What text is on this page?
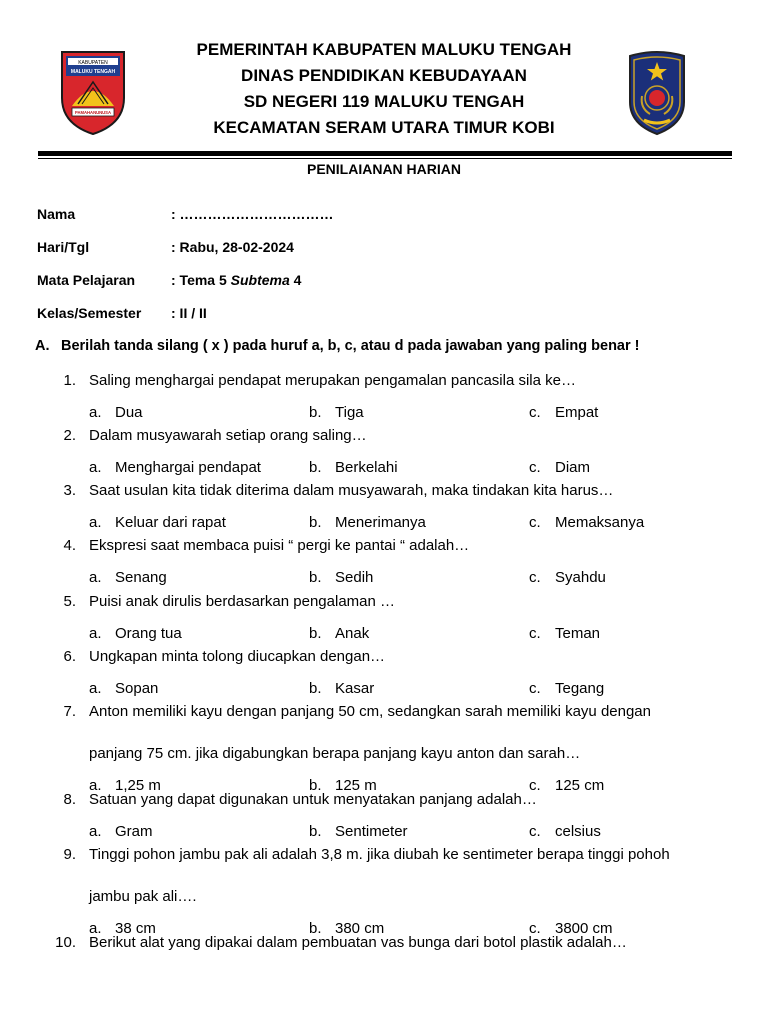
KABUPATEN
MALUKU TENGAH
PAMAHANUNUSA
PEMERINTAH KABUPATEN MALUKU TENGAH
DINAS PENDIDIKAN KEBUDAYAAN
SD NEGERI 119 MALUKU TENGAH
KECAMATAN SERAM UTARA TIMUR KOBI
PENILAIANAN HARIAN
Nama	: ……………………………
Hari/Tgl	: Rabu, 28-02-2024
Mata Pelajaran	: Tema 5 Subtema 4
Kelas/Semester : II / II
A. Berilah tanda silang ( x ) pada huruf a, b, c, atau d pada jawaban yang paling benar !
1. Saling menghargai pendapat merupakan pengamalan pancasila sila ke…
a. Dua	b. Tiga	c. Empat
2. Dalam musyawarah setiap orang saling…
a. Menghargai pendapat	b. Berkelahi	c. Diam
3. Saat usulan kita tidak diterima dalam musyawarah, maka tindakan kita harus…
a. Keluar dari rapat	b. Menerimanya	c. Memaksanya
4. Ekspresi saat membaca puisi “ pergi ke pantai “ adalah…
a. Senang	b. Sedih	c. Syahdu
5. Puisi anak dirulis berdasarkan pengalaman …
a. Orang tua	b. Anak	c. Teman
6. Ungkapan minta tolong diucapkan dengan…
a. Sopan	b. Kasar	c. Tegang
7. Anton memiliki kayu dengan panjang 50 cm, sedangkan sarah memiliki kayu dengan
panjang 75 cm. jika digabungkan berapa panjang kayu anton dan sarah…
a. 1,25 m	b. 125 m	c. 125 cm
8. Satuan yang dapat digunakan untuk menyatakan panjang adalah…
a. Gram	b. Sentimeter	c. celsius
9. Tinggi pohon jambu pak ali adalah 3,8 m. jika diubah ke sentimeter berapa tinggi pohoh
jambu pak ali….
a. 38 cm	b. 380 cm	c. 3800 cm
10. Berikut alat yang dipakai dalam pembuatan vas bunga dari botol plastik adalah…
